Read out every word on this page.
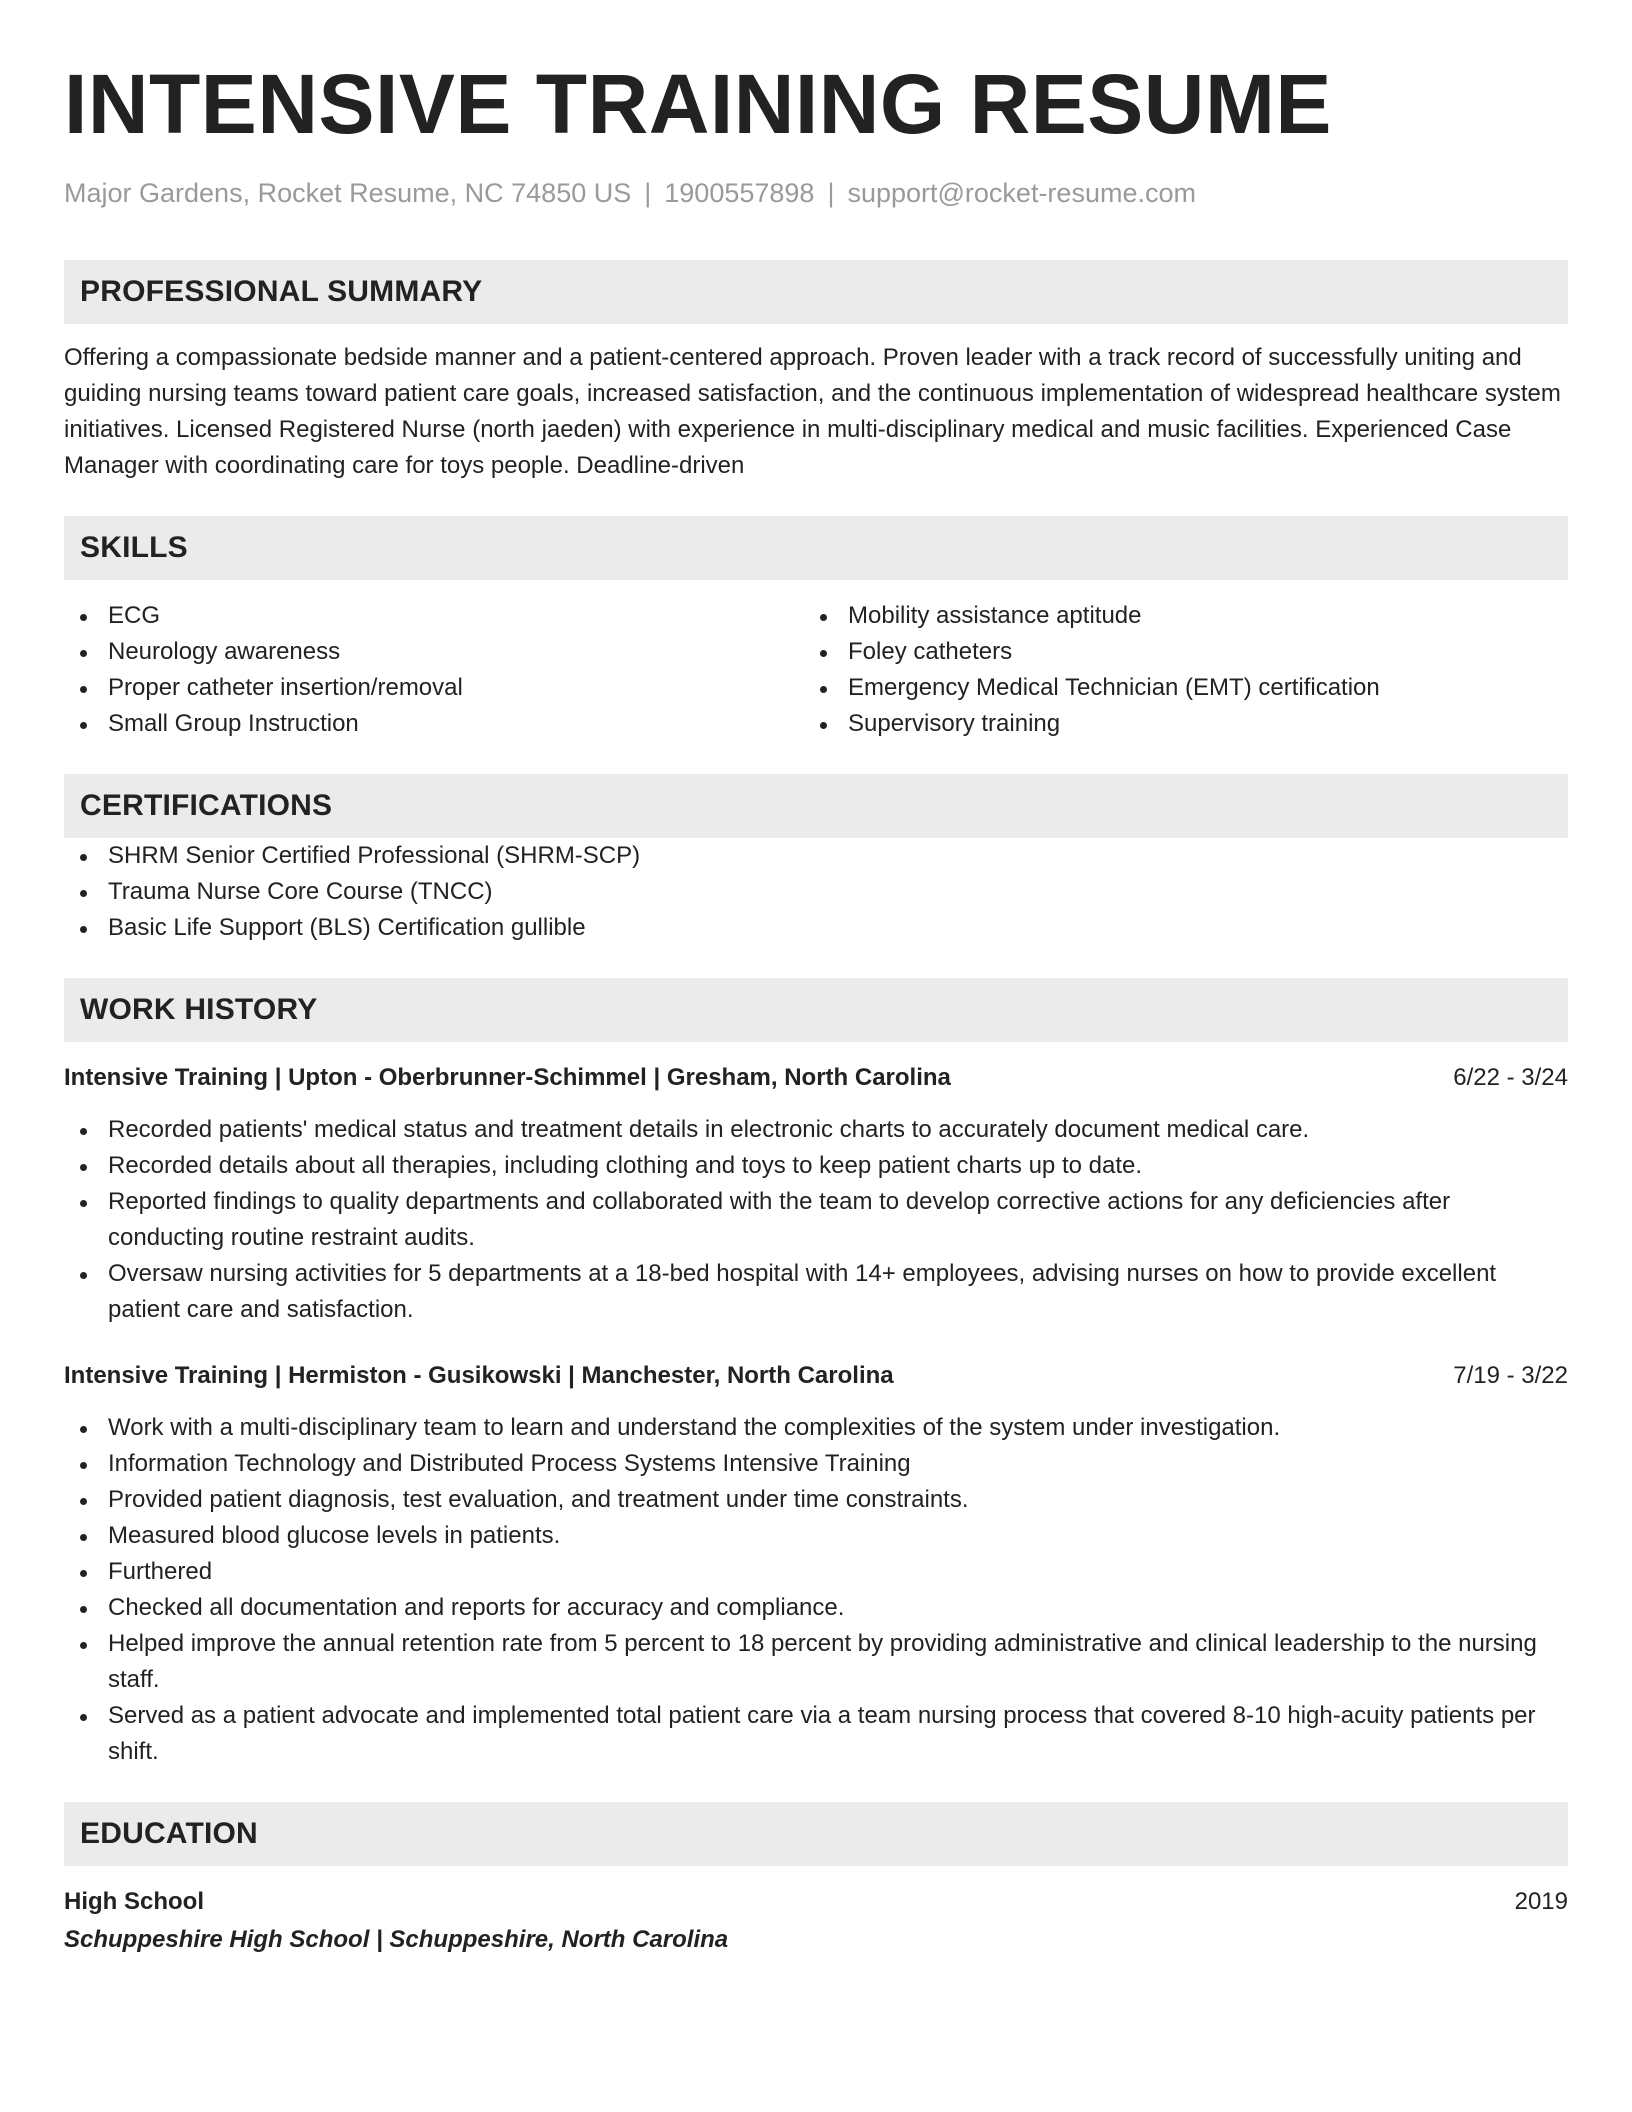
INTENSIVE TRAINING RESUME
Major Gardens, Rocket Resume, NC 74850 US | 1900557898 | support@rocket-resume.com
PROFESSIONAL SUMMARY
Offering a compassionate bedside manner and a patient-centered approach. Proven leader with a track record of successfully uniting and guiding nursing teams toward patient care goals, increased satisfaction, and the continuous implementation of widespread healthcare system initiatives. Licensed Registered Nurse (north jaeden) with experience in multi-disciplinary medical and music facilities. Experienced Case Manager with coordinating care for toys people. Deadline-driven
SKILLS
ECG
Neurology awareness
Proper catheter insertion/removal
Small Group Instruction
Mobility assistance aptitude
Foley catheters
Emergency Medical Technician (EMT) certification
Supervisory training
CERTIFICATIONS
SHRM Senior Certified Professional (SHRM-SCP)
Trauma Nurse Core Course (TNCC)
Basic Life Support (BLS) Certification gullible
WORK HISTORY
Intensive Training | Upton - Oberbrunner-Schimmel | Gresham, North Carolina	6/22 - 3/24
Recorded patients' medical status and treatment details in electronic charts to accurately document medical care.
Recorded details about all therapies, including clothing and toys to keep patient charts up to date.
Reported findings to quality departments and collaborated with the team to develop corrective actions for any deficiencies after conducting routine restraint audits.
Oversaw nursing activities for 5 departments at a 18-bed hospital with 14+ employees, advising nurses on how to provide excellent patient care and satisfaction.
Intensive Training | Hermiston - Gusikowski | Manchester, North Carolina	7/19 - 3/22
Work with a multi-disciplinary team to learn and understand the complexities of the system under investigation.
Information Technology and Distributed Process Systems Intensive Training
Provided patient diagnosis, test evaluation, and treatment under time constraints.
Measured blood glucose levels in patients.
Furthered
Checked all documentation and reports for accuracy and compliance.
Helped improve the annual retention rate from 5 percent to 18 percent by providing administrative and clinical leadership to the nursing staff.
Served as a patient advocate and implemented total patient care via a team nursing process that covered 8-10 high-acuity patients per shift.
EDUCATION
High School	2019
Schuppeshire High School | Schuppeshire, North Carolina
